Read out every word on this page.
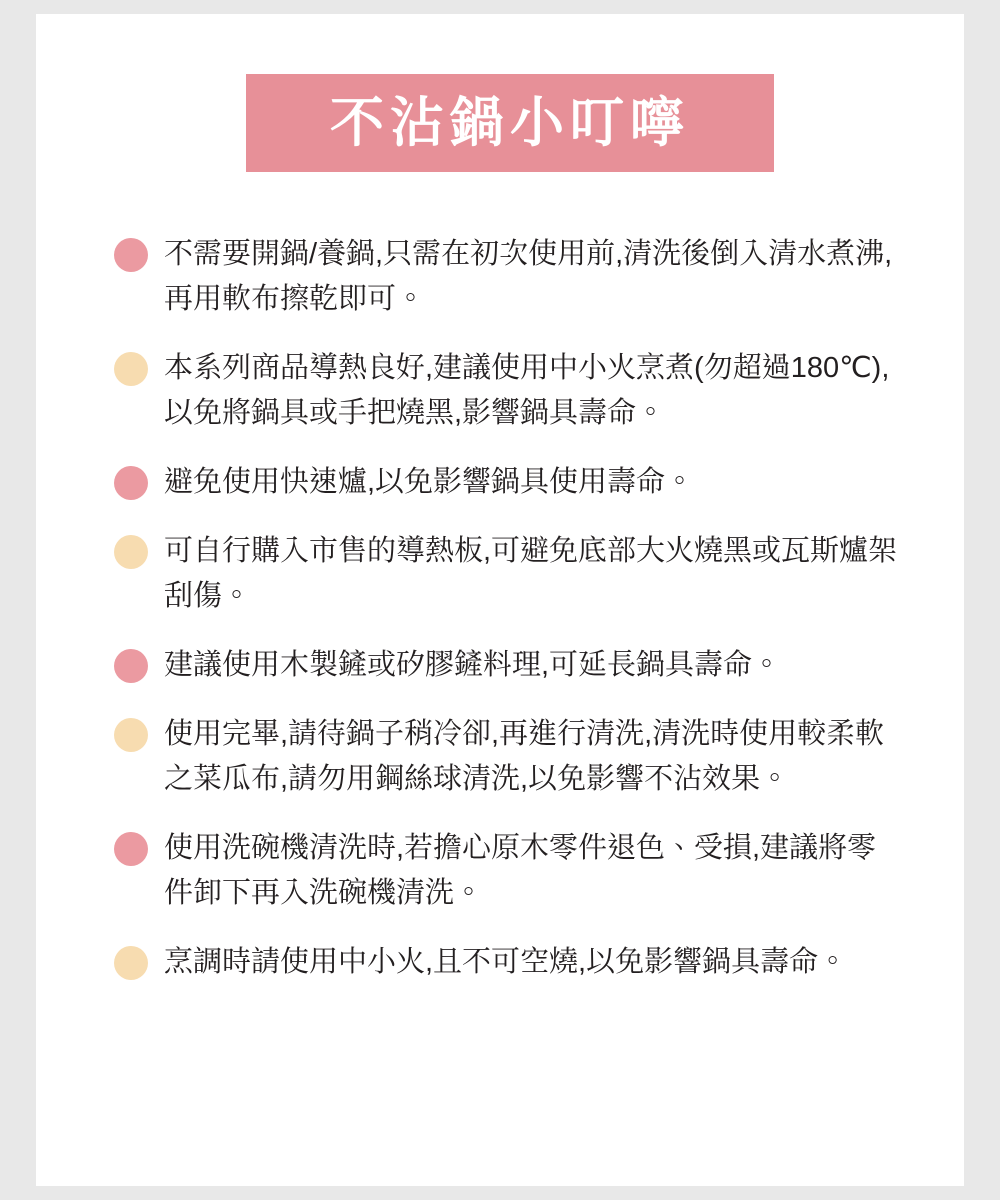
不沾鍋小叮嚀
不需要開鍋/養鍋,只需在初次使用前,清洗後倒入清水煮沸,再用軟布擦乾即可。
本系列商品導熱良好,建議使用中小火烹煮(勿超過180℃),以免將鍋具或手把燒黑,影響鍋具壽命。
避免使用快速爐,以免影響鍋具使用壽命。
可自行購入市售的導熱板,可避免底部大火燒黑或瓦斯爐架刮傷。
建議使用木製鏟或矽膠鏟料理,可延長鍋具壽命。
使用完畢,請待鍋子稍冷卻,再進行清洗,清洗時使用較柔軟之菜瓜布,請勿用鋼絲球清洗,以免影響不沾效果。
使用洗碗機清洗時,若擔心原木零件退色、受損,建議將零件卸下再入洗碗機清洗。
烹調時請使用中小火,且不可空燒,以免影響鍋具壽命。
